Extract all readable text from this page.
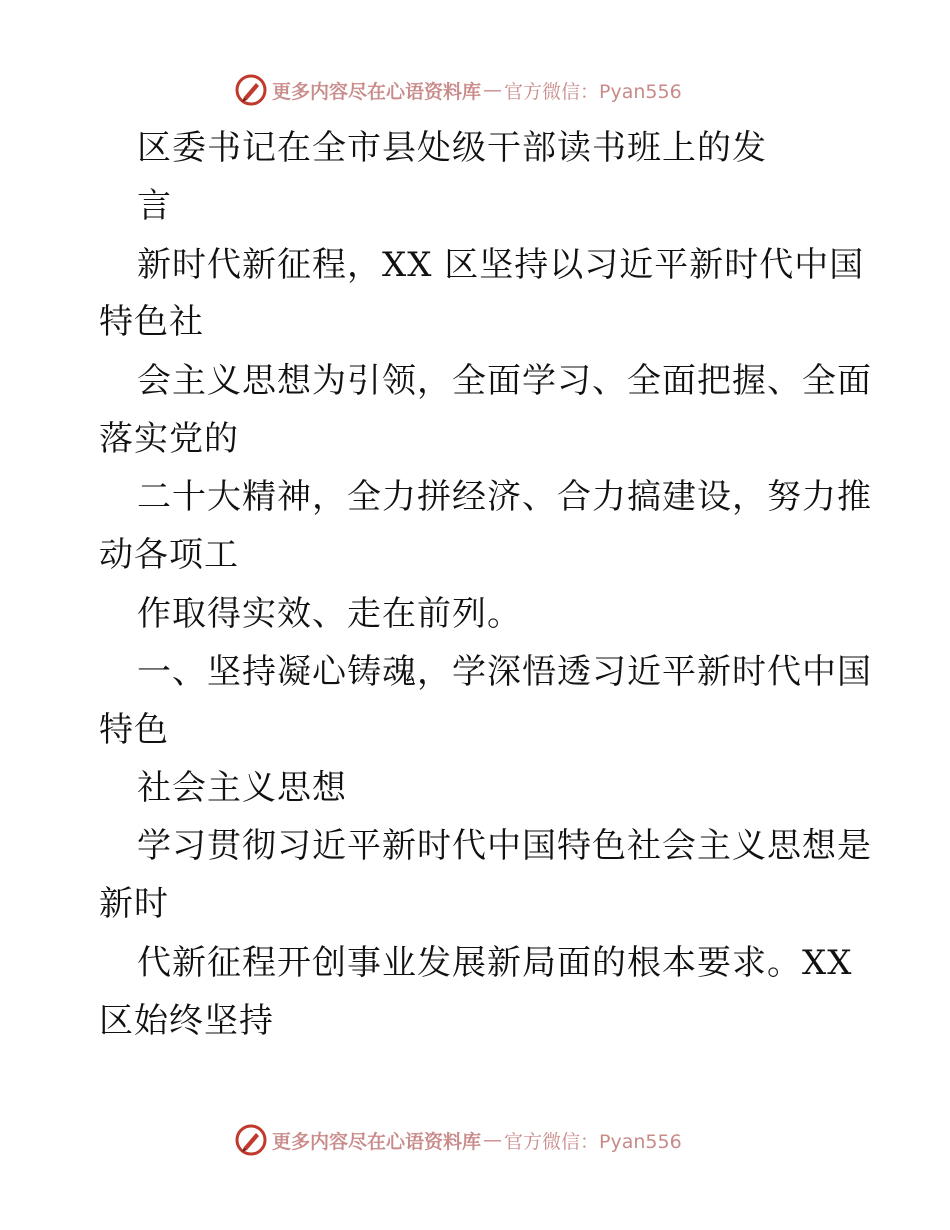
更多内容尽在心语资料库 — 官方微信：Pyan556
区委书记在全市县处级干部读书班上的发
言
新时代新征程，XX 区坚持以习近平新时代中国
特色社
会主义思想为引领，全面学习、全面把握、全面
落实党的
二十大精神，全力拼经济、合力搞建设，努力推
动各项工
作取得实效、走在前列。
一、坚持凝心铸魂，学深悟透习近平新时代中国
特色
社会主义思想
学习贯彻习近平新时代中国特色社会主义思想是
新时
代新征程开创事业发展新局面的根本要求。XX
区始终坚持
更多内容尽在心语资料库 — 官方微信：Pyan556
